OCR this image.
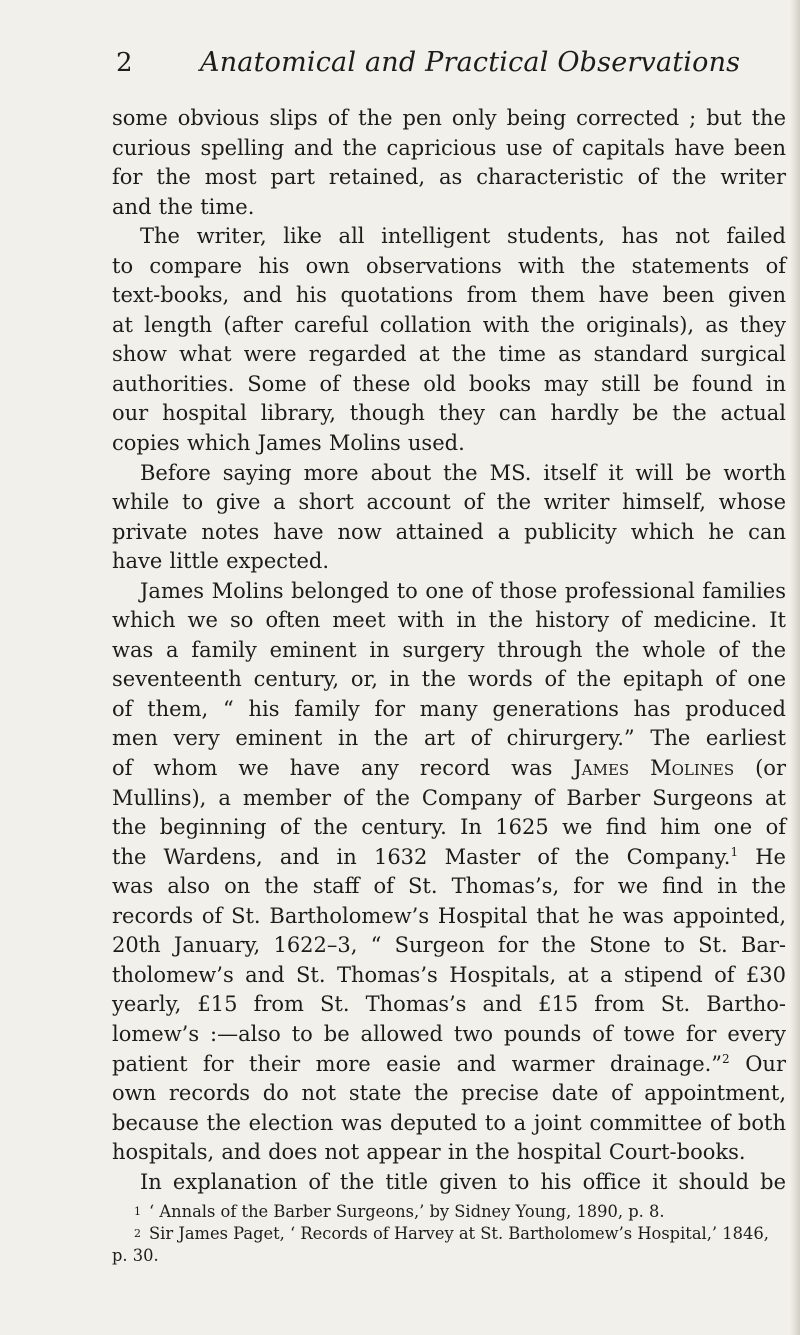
2 Anatomical and Practical Observations

some obvious slips of the pen only being corrected ; but the

curious spelling and the capricious use of capitals have been

for the most part retained, as characteristic of the writer

and the time.

The writer, like all intelligent students, has not failed

to compare his own observations with the statements of

text-books, and his quotations from them have been given

at length (after careful collation with the originals), as they

show what were regarded at the time as standard surgical

authorities. Some of these old books may still be found in

our hospital library, though they can hardly be the actual

copies which James Molins used.

Before saying more about the MS. itself it will be worth

while to give a short account of the writer himself, whose

private notes have now attained a publicity which he can

have little expected.

James Molins belonged to one of those professional families

which we so often meet with in the history of medicine. It

was a family eminent in surgery through the whole of the

seventeenth century, or, in the words of the epitaph of one

of them, “ his family for many generations has produced

men very eminent in the art of chirurgery.” The earliest

of whom we have any record was James Molines (or

Mullins), a member of the Company of Barber Surgeons at

the beginning of the century. In 1625 we find him one of

the Wardens, and in 1632 Master of the Company.$^1$ He

was also on the staff of St. Thomas’s, for we find in the

records of St. Bartholomew’s Hospital that he was appointed,

20th January, 1622–3, “ Surgeon for the Stone to St. Bar-

tholomew’s and St. Thomas’s Hospitals, at a stipend of £30

yearly, £15 from St. Thomas’s and £15 from St. Bartho-

lomew’s :—also to be allowed two pounds of towe for every

patient for their more easie and warmer drainage.”$^2$ Our

own records do not state the precise date of appointment,

because the election was deputed to a joint committee of both

hospitals, and does not appear in the hospital Court-books.

In explanation of the title given to his office it should be

$^1$ ‘ Annals of the Barber Surgeons,’ by Sidney Young, 1890, p. 8.
$^2$ Sir James Paget, ‘ Records of Harvey at St. Bartholomew’s Hospital,’ 1846,
p. 30.
